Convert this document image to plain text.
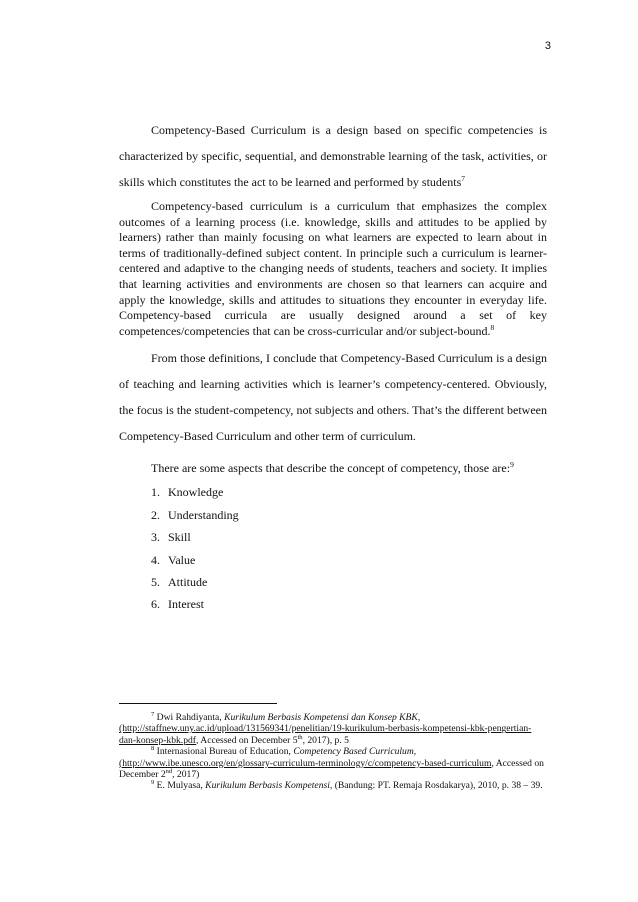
3

Competency-Based Curriculum is a design based on specific competencies is characterized by specific, sequential, and demonstrable learning of the task, activities, or skills which constitutes the act to be learned and performed by students$^7$

Competency-based curriculum is a curriculum that emphasizes the complex outcomes of a learning process (i.e. knowledge, skills and attitudes to be applied by learners) rather than mainly focusing on what learners are expected to learn about in terms of traditionally-defined subject content. In principle such a curriculum is learner-centered and adaptive to the changing needs of students, teachers and society. It implies that learning activities and environments are chosen so that learners can acquire and apply the knowledge, skills and attitudes to situations they encounter in everyday life. Competency-based curricula are usually designed around a set of key competences/competencies that can be cross-curricular and/or subject-bound.$^8$

From those definitions, I conclude that Competency-Based Curriculum is a design of teaching and learning activities which is learner’s competency-centered. Obviously, the focus is the student-competency, not subjects and others. That’s the different between Competency-Based Curriculum and other term of curriculum.

There are some aspects that describe the concept of competency, those are:$^9$

1. Knowledge
2. Understanding
3. Skill
4. Value
5. Attitude
6. Interest

$^7$ Dwi Rahdiyanta, Kurikulum Berbasis Kompetensi dan Konsep KBK, (http://staffnew.uny.ac.id/upload/131569341/penelitian/19-kurikulum-berbasis-kompetensi-kbk-pengertian-dan-konsep-kbk.pdf, Accessed on December 5th, 2017), p. 5

$^8$ Internasional Bureau of Education, Competency Based Curriculum, (http://www.ibe.unesco.org/en/glossary-curriculum-terminology/c/competency-based-curriculum, Accessed on December 2nd, 2017)

$^9$ E. Mulyasa, Kurikulum Berbasis Kompetensi, (Bandung: PT. Remaja Rosdakarya), 2010, p. 38 – 39.
